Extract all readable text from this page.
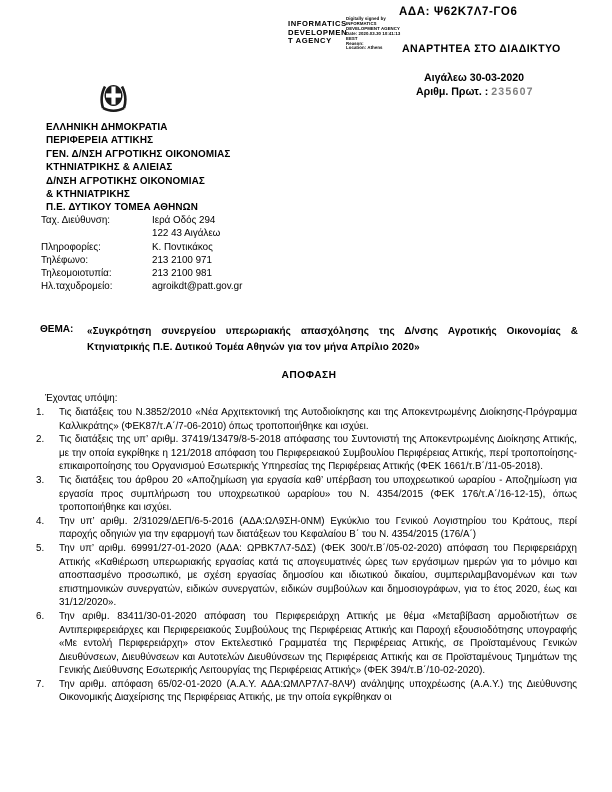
ΑΔΑ: Ψ62Κ7Λ7-ΓΟ6
INFORMATICS
DEVELOPMEN
T AGENCY
Digitally signed by
INFORMATICS
DEVELOPMENT AGENCY
Date: 2020.03.30 10:41:13
EEST
Reason:
Location: Athens	ΑΝΑΡΤΗΤΕΑ ΣΤΟ ΔΙΑΔΙΚΤΥΟ
Αιγάλεω 30-03-2020
Αριθμ. Πρωτ. : 235607
ΕΛΛΗΝΙΚΗ ΔΗΜΟΚΡΑΤΙΑ
ΠΕΡΙΦΕΡΕΙΑ ΑΤΤΙΚΗΣ
ΓΕΝ. Δ/ΝΣΗ ΑΓΡΟΤΙΚΗΣ ΟΙΚΟΝΟΜΙΑΣ
ΚΤΗΝΙΑΤΡΙΚΗΣ & ΑΛΙΕΙΑΣ
Δ/ΝΣΗ ΑΓΡΟΤΙΚΗΣ ΟΙΚΟΝΟΜΙΑΣ
& ΚΤΗΝΙΑΤΡΙΚΗΣ
Π.Ε. ΔΥΤΙΚΟΥ ΤΟΜΕΑ ΑΘΗΝΩΝ
Ταχ. Διεύθυνση:	Ιερά Οδός 294
122 43 Αιγάλεω
Πληροφορίες:	Κ. Ποντικάκος
Τηλέφωνο:	213 2100 971
Τηλεομοιοτυπία:	213 2100 981
Ηλ.ταχυδρομείο:	agroikdt@patt.gov.gr
ΘΕΜΑ: «Συγκρότηση συνεργείου υπερωριακής απασχόλησης της Δ/νσης Αγροτικής Οικονομίας & Κτηνιατρικής Π.Ε. Δυτικού Τομέα Αθηνών για τον μήνα Απρίλιο 2020»
ΑΠΟΦΑΣΗ
Έχοντας υπόψη:
1.	Τις διατάξεις του Ν.3852/2010 «Νέα Αρχιτεκτονική της Αυτοδιοίκησης και της Αποκεντρωμένης Διοίκησης-Πρόγραμμα Καλλικράτης» (ΦΕΚ87/τ.Α΄/7-06-2010) όπως τροποποιήθηκε και ισχύει.
2.	Τις διατάξεις της υπ’ αριθμ. 37419/13479/8-5-2018 απόφασης του Συντονιστή της Αποκεντρωμένης Διοίκησης Αττικής, με την οποία εγκρίθηκε η 121/2018 απόφαση του Περιφερειακού Συμβουλίου Περιφέρειας Αττικής, περί τροποποίησης-επικαιροποίησης του Οργανισμού Εσωτερικής Υπηρεσίας της Περιφέρειας Αττικής (ΦΕΚ 1661/τ.Β΄/11-05-2018).
3.	Τις διατάξεις του άρθρου 20 «Αποζημίωση για εργασία καθ’ υπέρβαση του υποχρεωτικού ωραρίου - Αποζημίωση για εργασία προς συμπλήρωση του υποχρεωτικού ωραρίου» του Ν. 4354/2015 (ΦΕΚ 176/τ.Α΄/16-12-15), όπως τροποποιήθηκε και ισχύει.
4.	Την υπ’ αριθμ. 2/31029/ΔΕΠ/6-5-2016 (ΑΔΑ:ΩΛ9ΣΗ-0ΝΜ) Εγκύκλιο του Γενικού Λογιστηρίου του Κράτους, περί παροχής οδηγιών για την εφαρμογή των διατάξεων του Κεφαλαίου Β΄ του Ν. 4354/2015 (176/Α΄)
5.	Την υπ’ αριθμ. 69991/27-01-2020 (ΑΔΑ: ΩΡΒΚ7Λ7-5ΔΣ) (ΦΕΚ 300/τ.Β΄/05-02-2020) απόφαση του Περιφερειάρχη Αττικής «Καθιέρωση υπερωριακής εργασίας κατά τις απογευματινές ώρες των εργάσιμων ημερών για το μόνιμο και αποσπασμένο προσωπικό, με σχέση εργασίας δημοσίου και ιδιωτικού δικαίου, συμπεριλαμβανομένων και των επιστημονικών συνεργατών, ειδικών συνεργατών, ειδικών συμβούλων και δημοσιογράφων, για το έτος 2020, έως και 31/12/2020».
6.	Την αριθμ. 83411/30-01-2020 απόφαση του Περιφερειάρχη Αττικής με θέμα «Μεταβίβαση αρμοδιοτήτων σε Αντιπεριφερειάρχες και Περιφερειακούς Συμβούλους της Περιφέρειας Αττικής και Παροχή εξουσιοδότησης υπογραφής «Με εντολή Περιφερειάρχη» στον Εκτελεστικό Γραμματέα της Περιφέρειας Αττικής, σε Προϊσταμένους Γενικών Διευθύνσεων, Διευθύνσεων και Αυτοτελών Διευθύνσεων της Περιφέρειας Αττικής και σε Προϊσταμένους Τμημάτων της Γενικής Διεύθυνσης Εσωτερικής Λειτουργίας της Περιφέρειας Αττικής» (ΦΕΚ 394/τ.Β΄/10-02-2020).
7.	Την αριθμ. απόφαση 65/02-01-2020 (Α.Α.Υ. ΑΔΑ:ΩΜΛΡ7Λ7-8ΛΨ) ανάληψης υποχρέωσης (Α.Α.Υ.) της Διεύθυνσης Οικονομικής Διαχείρισης της Περιφέρειας Αττικής, με την οποία εγκρίθηκαν οι
